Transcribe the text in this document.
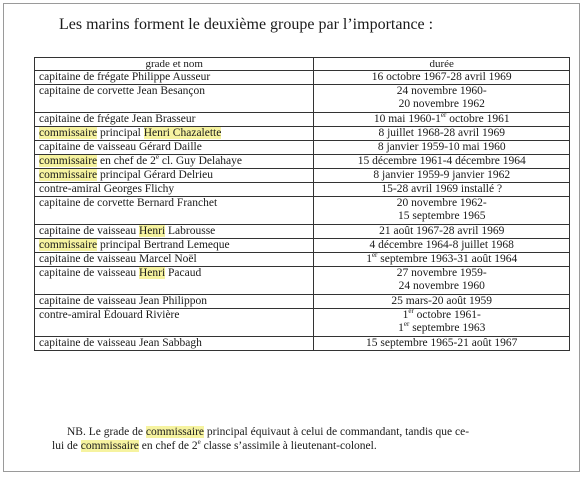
Les marins forment le deuxième groupe par l’importance :
grade et nom	durée
capitaine de frégate Philippe Ausseur	16 octobre 1967-28 avril 1969
capitaine de corvette Jean Besançon	24 novembre 1960-
20 novembre 1962
capitaine de frégate Jean Brasseur	10 mai 1960-1er octobre 1961
commissaire principal Henri Chazalette	8 juillet 1968-28 avril 1969
capitaine de vaisseau Gérard Daille	8 janvier 1959-10 mai 1960
commissaire en chef de 2e cl. Guy Delahaye	15 décembre 1961-4 décembre 1964
commissaire principal Gérard Delrieu	8 janvier 1959-9 janvier 1962
contre-amiral Georges Flichy	15-28 avril 1969 installé ?
capitaine de corvette Bernard Franchet	20 novembre 1962-
15 septembre 1965
capitaine de vaisseau Henri Labrousse	21 août 1967-28 avril 1969
commissaire principal Bertrand Lemeque	4 décembre 1964-8 juillet 1968
capitaine de vaisseau Marcel Noël	1er septembre 1963-31 août 1964
capitaine de vaisseau Henri Pacaud	27 novembre 1959-
24 novembre 1960
capitaine de vaisseau Jean Philippon	25 mars-20 août 1959
contre-amiral Édouard Rivière	1er octobre 1961-
1er septembre 1963
capitaine de vaisseau Jean Sabbagh	15 septembre 1965-21 août 1967
NB. Le grade de commissaire principal équivaut à celui de commandant, tandis que ce-
lui de commissaire en chef de 2e classe s’assimile à lieutenant-colonel.
